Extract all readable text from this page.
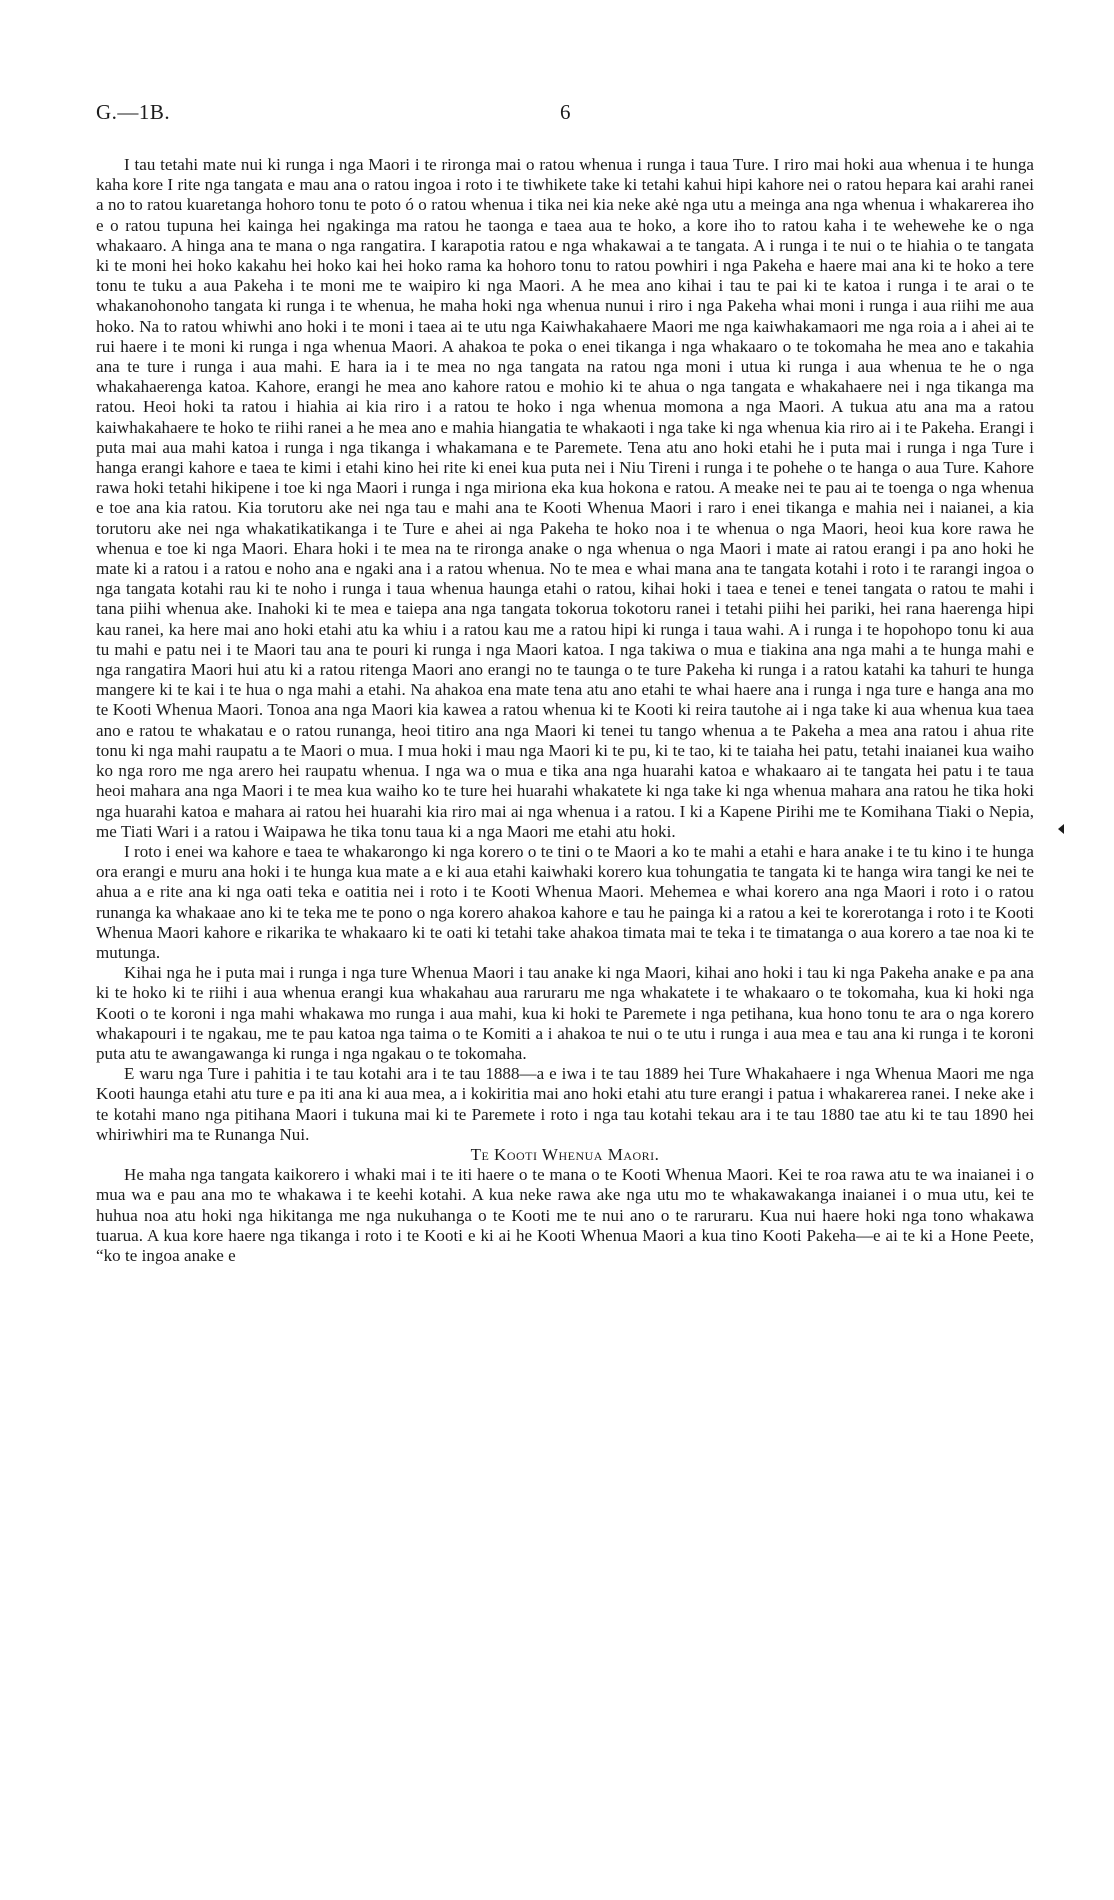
G.—1B.	6

I tau tetahi mate nui ki runga i nga Maori i te rironga mai o ratou whenua i runga i taua Ture. I riro mai hoki aua whenua i te hunga kaha kore I rite nga tangata e mau ana o ratou ingoa i roto i te tiwhikete take ki tetahi kahui hipi kahore nei o ratou hepara kai arahi ranei a no to ratou kuaretanga hohoro tonu te poto ó o ratou whenua i tika nei kia neke akė nga utu a meinga ana nga whenua i whakarerea iho e o ratou tupuna hei kainga hei ngakinga ma ratou he taonga e taea aua te hoko, a kore iho to ratou kaha i te wehewehe ke o nga whakaaro. A hinga ana te mana o nga rangatira. I karapotia ratou e nga whakawai a te tangata. A i runga i te nui o te hiahia o te tangata ki te moni hei hoko kakahu hei hoko kai hei hoko rama ka hohoro tonu to ratou powhiri i nga Pakeha e haere mai ana ki te hoko a tere tonu te tuku a aua Pakeha i te moni me te waipiro ki nga Maori. A he mea ano kihai i tau te pai ki te katoa i runga i te arai o te whakanohonoho tangata ki runga i te whenua, he maha hoki nga whenua nunui i riro i nga Pakeha whai moni i runga i aua riihi me aua hoko. Na to ratou whiwhi ano hoki i te moni i taea ai te utu nga Kaiwhakahaere Maori me nga kaiwhakamaori me nga roia a i ahei ai te rui haere i te moni ki runga i nga whenua Maori. A ahakoa te poka o enei tikanga i nga whakaaro o te tokomaha he mea ano e takahia ana te ture i runga i aua mahi. E hara ia i te mea no nga tangata na ratou nga moni i utua ki runga i aua whenua te he o nga whakahaerenga katoa. Kahore, erangi he mea ano kahore ratou e mohio ki te ahua o nga tangata e whakahaere nei i nga tikanga ma ratou. Heoi hoki ta ratou i hiahia ai kia riro i a ratou te hoko i nga whenua momona a nga Maori. A tukua atu ana ma a ratou kaiwhakahaere te hoko te riihi ranei a he mea ano e mahia hiangatia te whakaoti i nga take ki nga whenua kia riro ai i te Pakeha. Erangi i puta mai aua mahi katoa i runga i nga tikanga i whakamana e te Paremete. Tena atu ano hoki etahi he i puta mai i runga i nga Ture i hanga erangi kahore e taea te kimi i etahi kino hei rite ki enei kua puta nei i Niu Tireni i runga i te pohehe o te hanga o aua Ture. Kahore rawa hoki tetahi hikipene i toe ki nga Maori i runga i nga miriona eka kua hokona e ratou. A meake nei te pau ai te toenga o nga whenua e toe ana kia ratou. Kia torutoru ake nei nga tau e mahi ana te Kooti Whenua Maori i raro i enei tikanga e mahia nei i naianei, a kia torutoru ake nei nga whakatikatikanga i te Ture e ahei ai nga Pakeha te hoko noa i te whenua o nga Maori, heoi kua kore rawa he whenua e toe ki nga Maori. Ehara hoki i te mea na te rironga anake o nga whenua o nga Maori i mate ai ratou erangi i pa ano hoki he mate ki a ratou i a ratou e noho ana e ngaki ana i a ratou whenua. No te mea e whai mana ana te tangata kotahi i roto i te rarangi ingoa o nga tangata kotahi rau ki te noho i runga i taua whenua haunga etahi o ratou, kihai hoki i taea e tenei e tenei tangata o ratou te mahi i tana piihi whenua ake. Inahoki ki te mea e taiepa ana nga tangata tokorua tokotoru ranei i tetahi piihi hei pariki, hei rana haerenga hipi kau ranei, ka here mai ano hoki etahi atu ka whiu i a ratou kau me a ratou hipi ki runga i taua wahi. A i runga i te hopohopo tonu ki aua tu mahi e patu nei i te Maori tau ana te pouri ki runga i nga Maori katoa. I nga takiwa o mua e tiakina ana nga mahi a te hunga mahi e nga rangatira Maori hui atu ki a ratou ritenga Maori ano erangi no te taunga o te ture Pakeha ki runga i a ratou katahi ka tahuri te hunga mangere ki te kai i te hua o nga mahi a etahi. Na ahakoa ena mate tena atu ano etahi te whai haere ana i runga i nga ture e hanga ana mo te Kooti Whenua Maori. Tonoa ana nga Maori kia kawea a ratou whenua ki te Kooti ki reira tautohe ai i nga take ki aua whenua kua taea ano e ratou te whakatau e o ratou runanga, heoi titiro ana nga Maori ki tenei tu tango whenua a te Pakeha a mea ana ratou i ahua rite tonu ki nga mahi raupatu a te Maori o mua. I mua hoki i mau nga Maori ki te pu, ki te tao, ki te taiaha hei patu, tetahi inaianei kua waiho ko nga roro me nga arero hei raupatu whenua. I nga wa o mua e tika ana nga huarahi katoa e whakaaro ai te tangata hei patu i te taua heoi mahara ana nga Maori i te mea kua waiho ko te ture hei huarahi whakatete ki nga take ki nga whenua mahara ana ratou he tika hoki nga huarahi katoa e mahara ai ratou hei huarahi kia riro mai ai nga whenua i a ratou. I ki a Kapene Pirihi me te Komihana Tiaki o Nepia, me Tiati Wari i a ratou i Waipawa he tika tonu taua ki a nga Maori me etahi atu hoki.

I roto i enei wa kahore e taea te whakarongo ki nga korero o te tini o te Maori a ko te mahi a etahi e hara anake i te tu kino i te hunga ora erangi e muru ana hoki i te hunga kua mate a e ki aua etahi kaiwhaki korero kua tohungatia te tangata ki te hanga wira tangi ke nei te ahua a e rite ana ki nga oati teka e oatitia nei i roto i te Kooti Whenua Maori. Mehemea e whai korero ana nga Maori i roto i o ratou runanga ka whakaae ano ki te teka me te pono o nga korero ahakoa kahore e tau he painga ki a ratou a kei te korerotanga i roto i te Kooti Whenua Maori kahore e rikarika te whakaaro ki te oati ki tetahi take ahakoa timata mai te teka i te timatanga o aua korero a tae noa ki te mutunga.

Kihai nga he i puta mai i runga i nga ture Whenua Maori i tau anake ki nga Maori, kihai ano hoki i tau ki nga Pakeha anake e pa ana ki te hoko ki te riihi i aua whenua erangi kua whakahau aua raruraru me nga whakatete i te whakaaro o te tokomaha, kua ki hoki nga Kooti o te koroni i nga mahi whakawa mo runga i aua mahi, kua ki hoki te Paremete i nga petihana, kua hono tonu te ara o nga korero whakapouri i te ngakau, me te pau katoa nga taima o te Komiti a i ahakoa te nui o te utu i runga i aua mea e tau ana ki runga i te koroni puta atu te awangawanga ki runga i nga ngakau o te tokomaha.

E waru nga Ture i pahitia i te tau kotahi ara i te tau 1888—a e iwa i te tau 1889 hei Ture Whakahaere i nga Whenua Maori me nga Kooti haunga etahi atu ture e pa iti ana ki aua mea, a i kokiritia mai ano hoki etahi atu ture erangi i patua i whakarerea ranei. I neke ake i te kotahi mano nga pitihana Maori i tukuna mai ki te Paremete i roto i nga tau kotahi tekau ara i te tau 1880 tae atu ki te tau 1890 hei whiriwhiri ma te Runanga Nui.

Te Kooti Whenua Maori.

He maha nga tangata kaikorero i whaki mai i te iti haere o te mana o te Kooti Whenua Maori. Kei te roa rawa atu te wa inaianei i o mua wa e pau ana mo te whakawa i te keehi kotahi. A kua neke rawa ake nga utu mo te whakawakanga inaianei i o mua utu, kei te huhua noa atu hoki nga hikitanga me nga nukuhanga o te Kooti me te nui ano o te raruraru. Kua nui haere hoki nga tono whakawa tuarua. A kua kore haere nga tikanga i roto i te Kooti e ki ai he Kooti Whenua Maori a kua tino Kooti Pakeha—e ai te ki a Hone Peete, “ko te ingoa anake e
